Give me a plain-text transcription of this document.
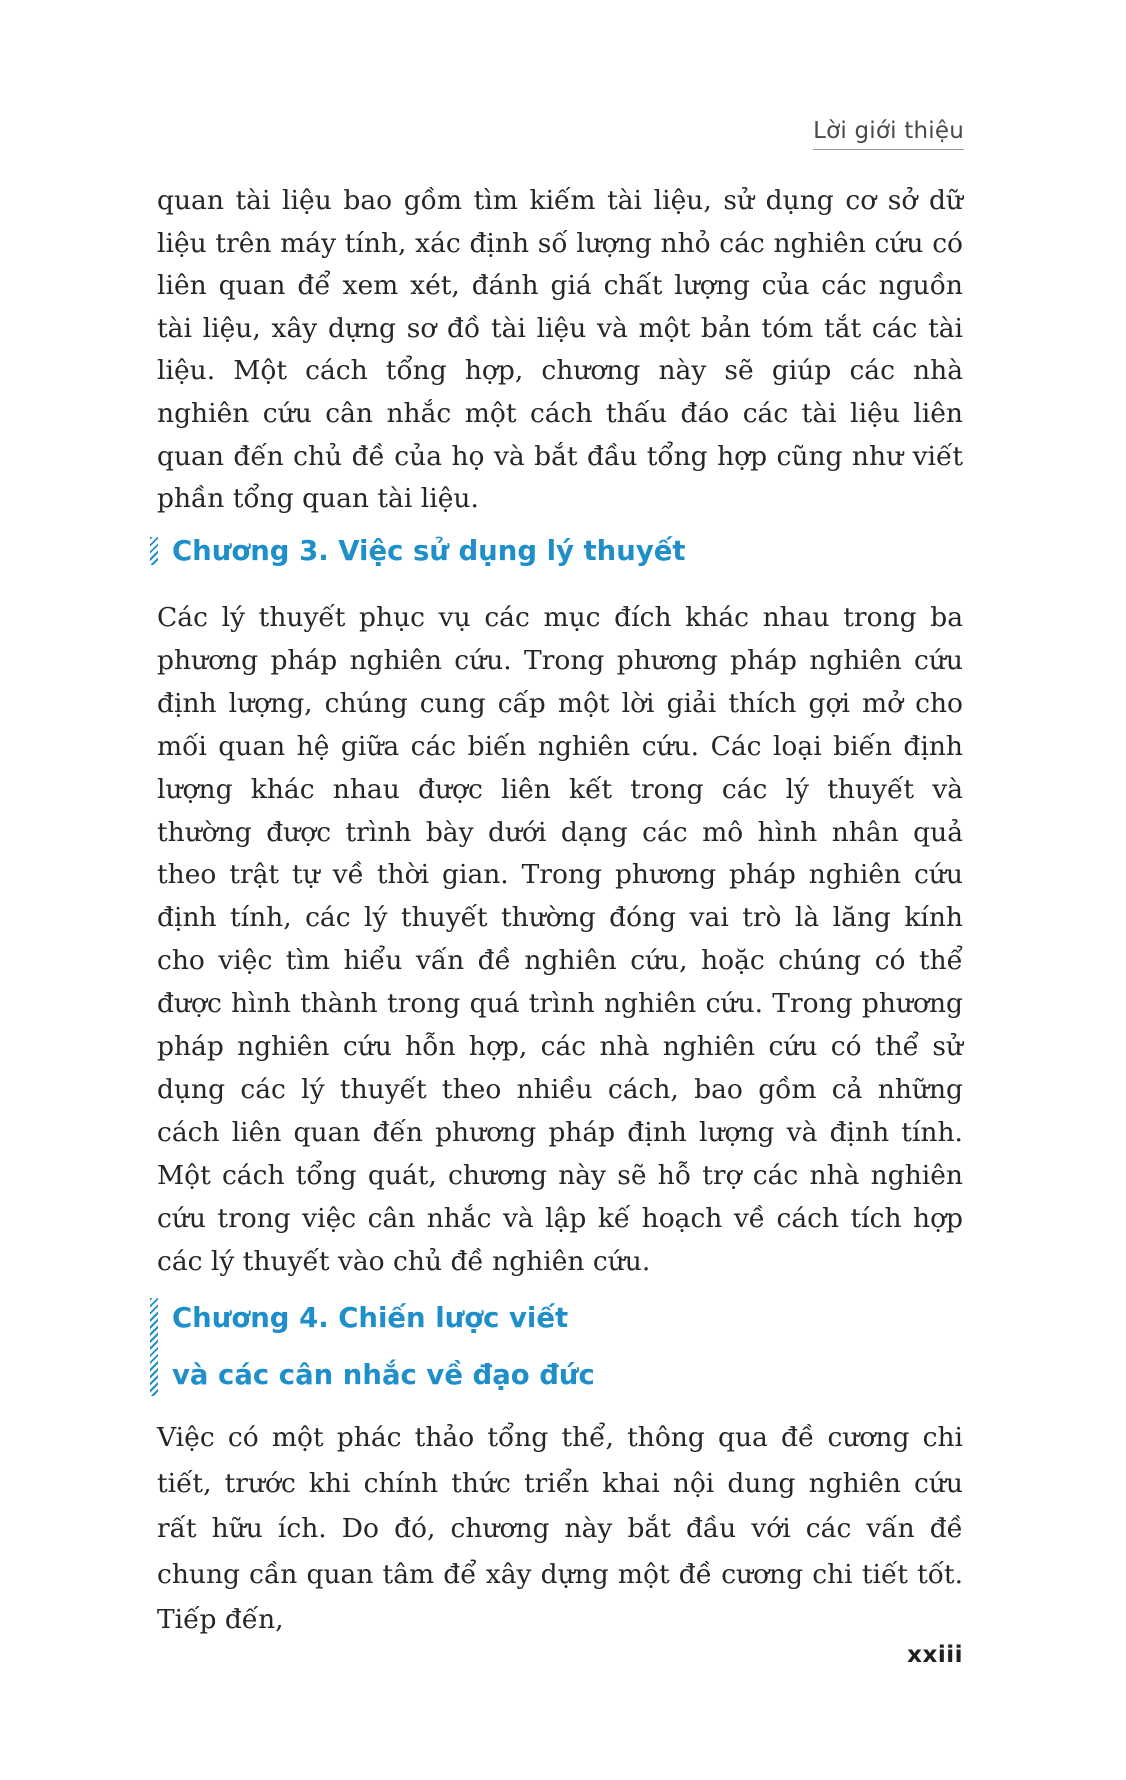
Lời giới thiệu

quan tài liệu bao gồm tìm kiếm tài liệu, sử dụng cơ sở dữ liệu trên máy tính, xác định số lượng nhỏ các nghiên cứu có liên quan để xem xét, đánh giá chất lượng của các nguồn tài liệu, xây dựng sơ đồ tài liệu và một bản tóm tắt các tài liệu. Một cách tổng hợp, chương này sẽ giúp các nhà nghiên cứu cân nhắc một cách thấu đáo các tài liệu liên quan đến chủ đề của họ và bắt đầu tổng hợp cũng như viết phần tổng quan tài liệu.

Chương 3. Việc sử dụng lý thuyết

Các lý thuyết phục vụ các mục đích khác nhau trong ba phương pháp nghiên cứu. Trong phương pháp nghiên cứu định lượng, chúng cung cấp một lời giải thích gợi mở cho mối quan hệ giữa các biến nghiên cứu. Các loại biến định lượng khác nhau được liên kết trong các lý thuyết và thường được trình bày dưới dạng các mô hình nhân quả theo trật tự về thời gian. Trong phương pháp nghiên cứu định tính, các lý thuyết thường đóng vai trò là lăng kính cho việc tìm hiểu vấn đề nghiên cứu, hoặc chúng có thể được hình thành trong quá trình nghiên cứu. Trong phương pháp nghiên cứu hỗn hợp, các nhà nghiên cứu có thể sử dụng các lý thuyết theo nhiều cách, bao gồm cả những cách liên quan đến phương pháp định lượng và định tính. Một cách tổng quát, chương này sẽ hỗ trợ các nhà nghiên cứu trong việc cân nhắc và lập kế hoạch về cách tích hợp các lý thuyết vào chủ đề nghiên cứu.

Chương 4. Chiến lược viết
và các cân nhắc về đạo đức

Việc có một phác thảo tổng thể, thông qua đề cương chi tiết, trước khi chính thức triển khai nội dung nghiên cứu rất hữu ích. Do đó, chương này bắt đầu với các vấn đề chung cần quan tâm để xây dựng một đề cương chi tiết tốt. Tiếp đến,

xxiii
